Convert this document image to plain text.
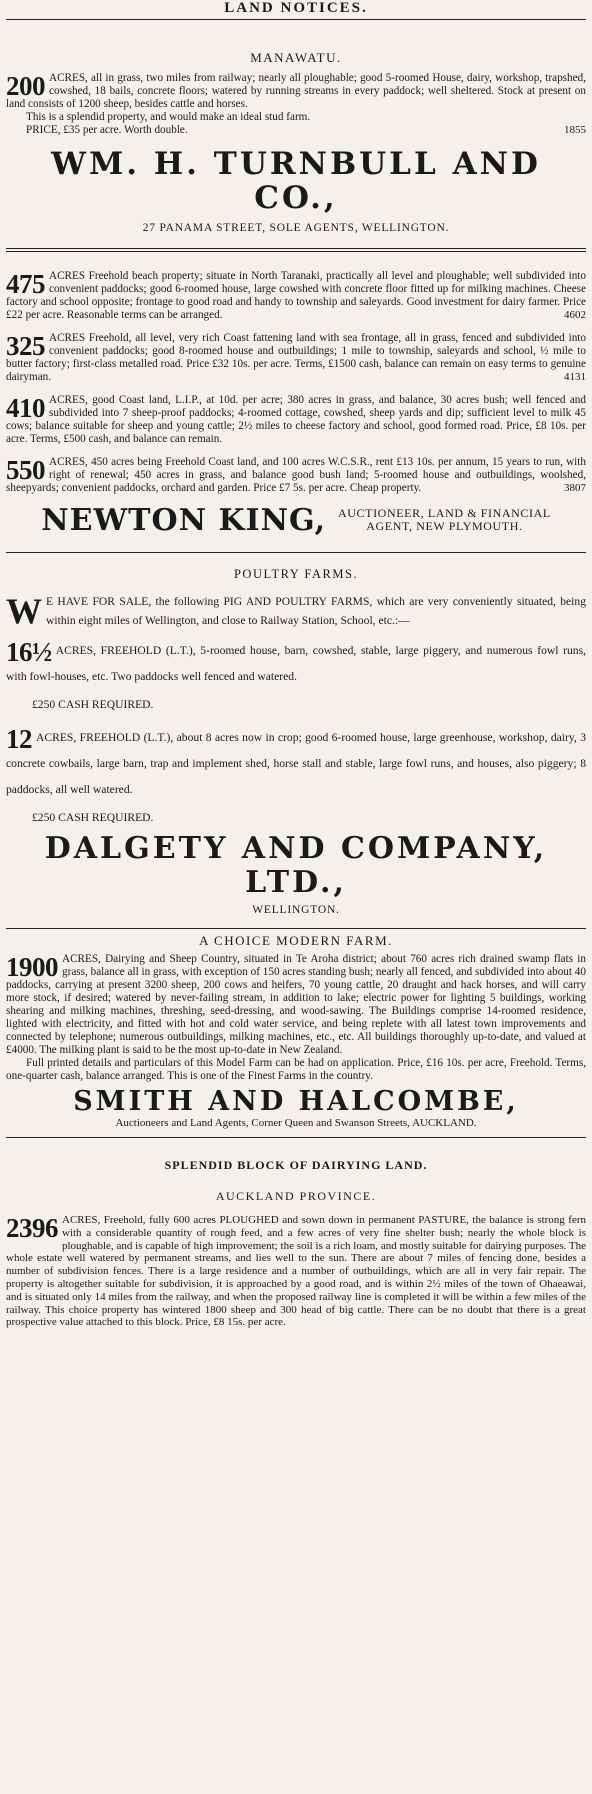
LAND NOTICES.

MANAWATU.

200 ACRES, all in grass, two miles from railway; nearly all ploughable; good 5-roomed House, dairy, workshop, trapshed, cowshed, 18 bails, concrete floors; watered by running streams in every paddock; well sheltered. Stock at present on land consists of 1200 sheep, besides cattle and horses.

This is a splendid property, and would make an ideal stud farm.

PRICE, £35 per acre. Worth double.	1855

WM. H. TURNBULL AND CO.,

27 PANAMA STREET, SOLE AGENTS, WELLINGTON.

475 ACRES Freehold beach property; situate in North Taranaki, practically all level and ploughable; well subdivided into convenient paddocks; good 6-roomed house, large cowshed with concrete floor fitted up for milking machines. Cheese factory and school opposite; frontage to good road and handy to township and saleyards. Good investment for dairy farmer. Price £22 per acre. Reasonable terms can be arranged.	4602

325 ACRES Freehold, all level, very rich Coast fattening land with sea frontage, all in grass, fenced and subdivided into convenient paddocks; good 8-roomed house and outbuildings; 1 mile to township, saleyards and school, ½ mile to butter factory; first-class metalled road. Price £32 10s. per acre. Terms, £1500 cash, balance can remain on easy terms to genuine dairyman.	4131

410 ACRES, good Coast land, L.I.P., at 10d. per acre; 380 acres in grass, and balance, 30 acres bush; well fenced and subdivided into 7 sheep-proof paddocks; 4-roomed cottage, cowshed, sheep yards and dip; sufficient level to milk 45 cows; balance suitable for sheep and young cattle; 2½ miles to cheese factory and school, good formed road. Price, £8 10s. per acre. Terms, £500 cash, and balance can remain.

550 ACRES, 450 acres being Freehold Coast land, and 100 acres W.C.S.R., rent £13 10s. per annum, 15 years to run, with right of renewal; 450 acres in grass, and balance good bush land; 5-roomed house and outbuildings, woolshed, sheepyards; convenient paddocks, orchard and garden. Price £7 5s. per acre. Cheap property.	3807

NEWTON KING, AUCTIONEER, LAND & FINANCIAL
AGENT, NEW PLYMOUTH.

POULTRY FARMS.

W E HAVE FOR SALE, the following PIG AND POULTRY FARMS, which are very conveniently situated, being within eight miles of Wellington, and close to Railway Station, School, etc.:—

16½ ACRES, FREEHOLD (L.T.), 5-roomed house, barn, cowshed, stable, large piggery, and numerous fowl runs, with fowl-houses, etc. Two paddocks well fenced and watered.

£250 CASH REQUIRED.

12 ACRES, FREEHOLD (L.T.), about 8 acres now in crop; good 6-roomed house, large greenhouse, workshop, dairy, 3 concrete cowbails, large barn, trap and implement shed, horse stall and stable, large fowl runs, and houses, also piggery; 8 paddocks, all well watered.

£250 CASH REQUIRED.

DALGETY AND COMPANY, LTD.,

WELLINGTON.

A CHOICE MODERN FARM.

1900 ACRES, Dairying and Sheep Country, situated in Te Aroha district; about 760 acres rich drained swamp flats in grass, balance all in grass, with exception of 150 acres standing bush; nearly all fenced, and subdivided into about 40 paddocks, carrying at present 3200 sheep, 200 cows and heifers, 70 young cattle, 20 draught and hack horses, and will carry more stock, if desired; watered by never-failing stream, in addition to lake; electric power for lighting 5 buildings, working shearing and milking machines, threshing, seed-dressing, and wood-sawing. The Buildings comprise 14-roomed residence, lighted with electricity, and fitted with hot and cold water service, and being replete with all latest town improvements and connected by telephone; numerous outbuildings, milking machines, etc., etc. All buildings thoroughly up-to-date, and valued at £4000. The milking plant is said to be the most up-to-date in New Zealand.

Full printed details and particulars of this Model Farm can be had on application. Price, £16 10s. per acre, Freehold. Terms, one-quarter cash, balance arranged. This is one of the Finest Farms in the country.

SMITH AND HALCOMBE,

Auctioneers and Land Agents, Corner Queen and Swanson Streets, AUCKLAND.

SPLENDID BLOCK OF DAIRYING LAND.

AUCKLAND PROVINCE.

2396 ACRES, Freehold, fully 600 acres PLOUGHED and sown down in permanent PASTURE, the balance is strong fern with a considerable quantity of rough feed, and a few acres of very fine shelter bush; nearly the whole block is ploughable, and is capable of high improvement; the soil is a rich loam, and mostly suitable for dairying purposes. The whole estate well watered by permanent streams, and lies well to the sun. There are about 7 miles of fencing done, besides a number of subdivision fences. There is a large residence and a number of outbuildings, which are all in very fair repair. The property is altogether suitable for subdivision, it is approached by a good road, and is within 2½ miles of the town of Ohaeawai, and is situated only 14 miles from the railway, and when the proposed railway line is completed it will be within a few miles of the railway. This choice property has wintered 1800 sheep and 300 head of big cattle. There can be no doubt that there is a great prospective value attached to this block. Price, £8 15s. per acre.
